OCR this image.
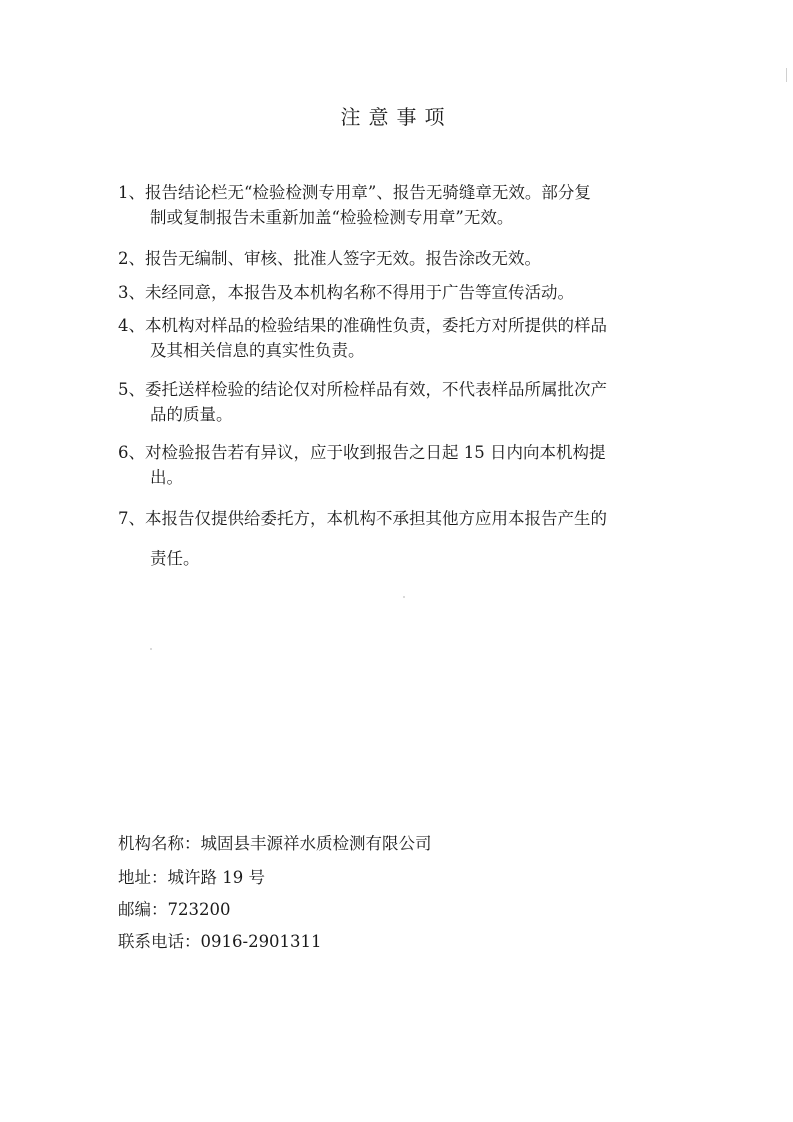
注意事项
1、报告结论栏无“检验检测专用章”、报告无骑缝章无效。部分复
制或复制报告未重新加盖“检验检测专用章”无效。
2、报告无编制、审核、批准人签字无效。报告涂改无效。
3、未经同意，本报告及本机构名称不得用于广告等宣传活动。
4、本机构对样品的检验结果的准确性负责，委托方对所提供的样品
及其相关信息的真实性负责。
5、委托送样检验的结论仅对所检样品有效，不代表样品所属批次产
品的质量。
6、对检验报告若有异议，应于收到报告之日起 15 日内向本机构提
出。
7、本报告仅提供给委托方，本机构不承担其他方应用本报告产生的
责任。
机构名称：城固县丰源祥水质检测有限公司
地址：城许路 19 号
邮编：723200
联系电话：0916-2901311
